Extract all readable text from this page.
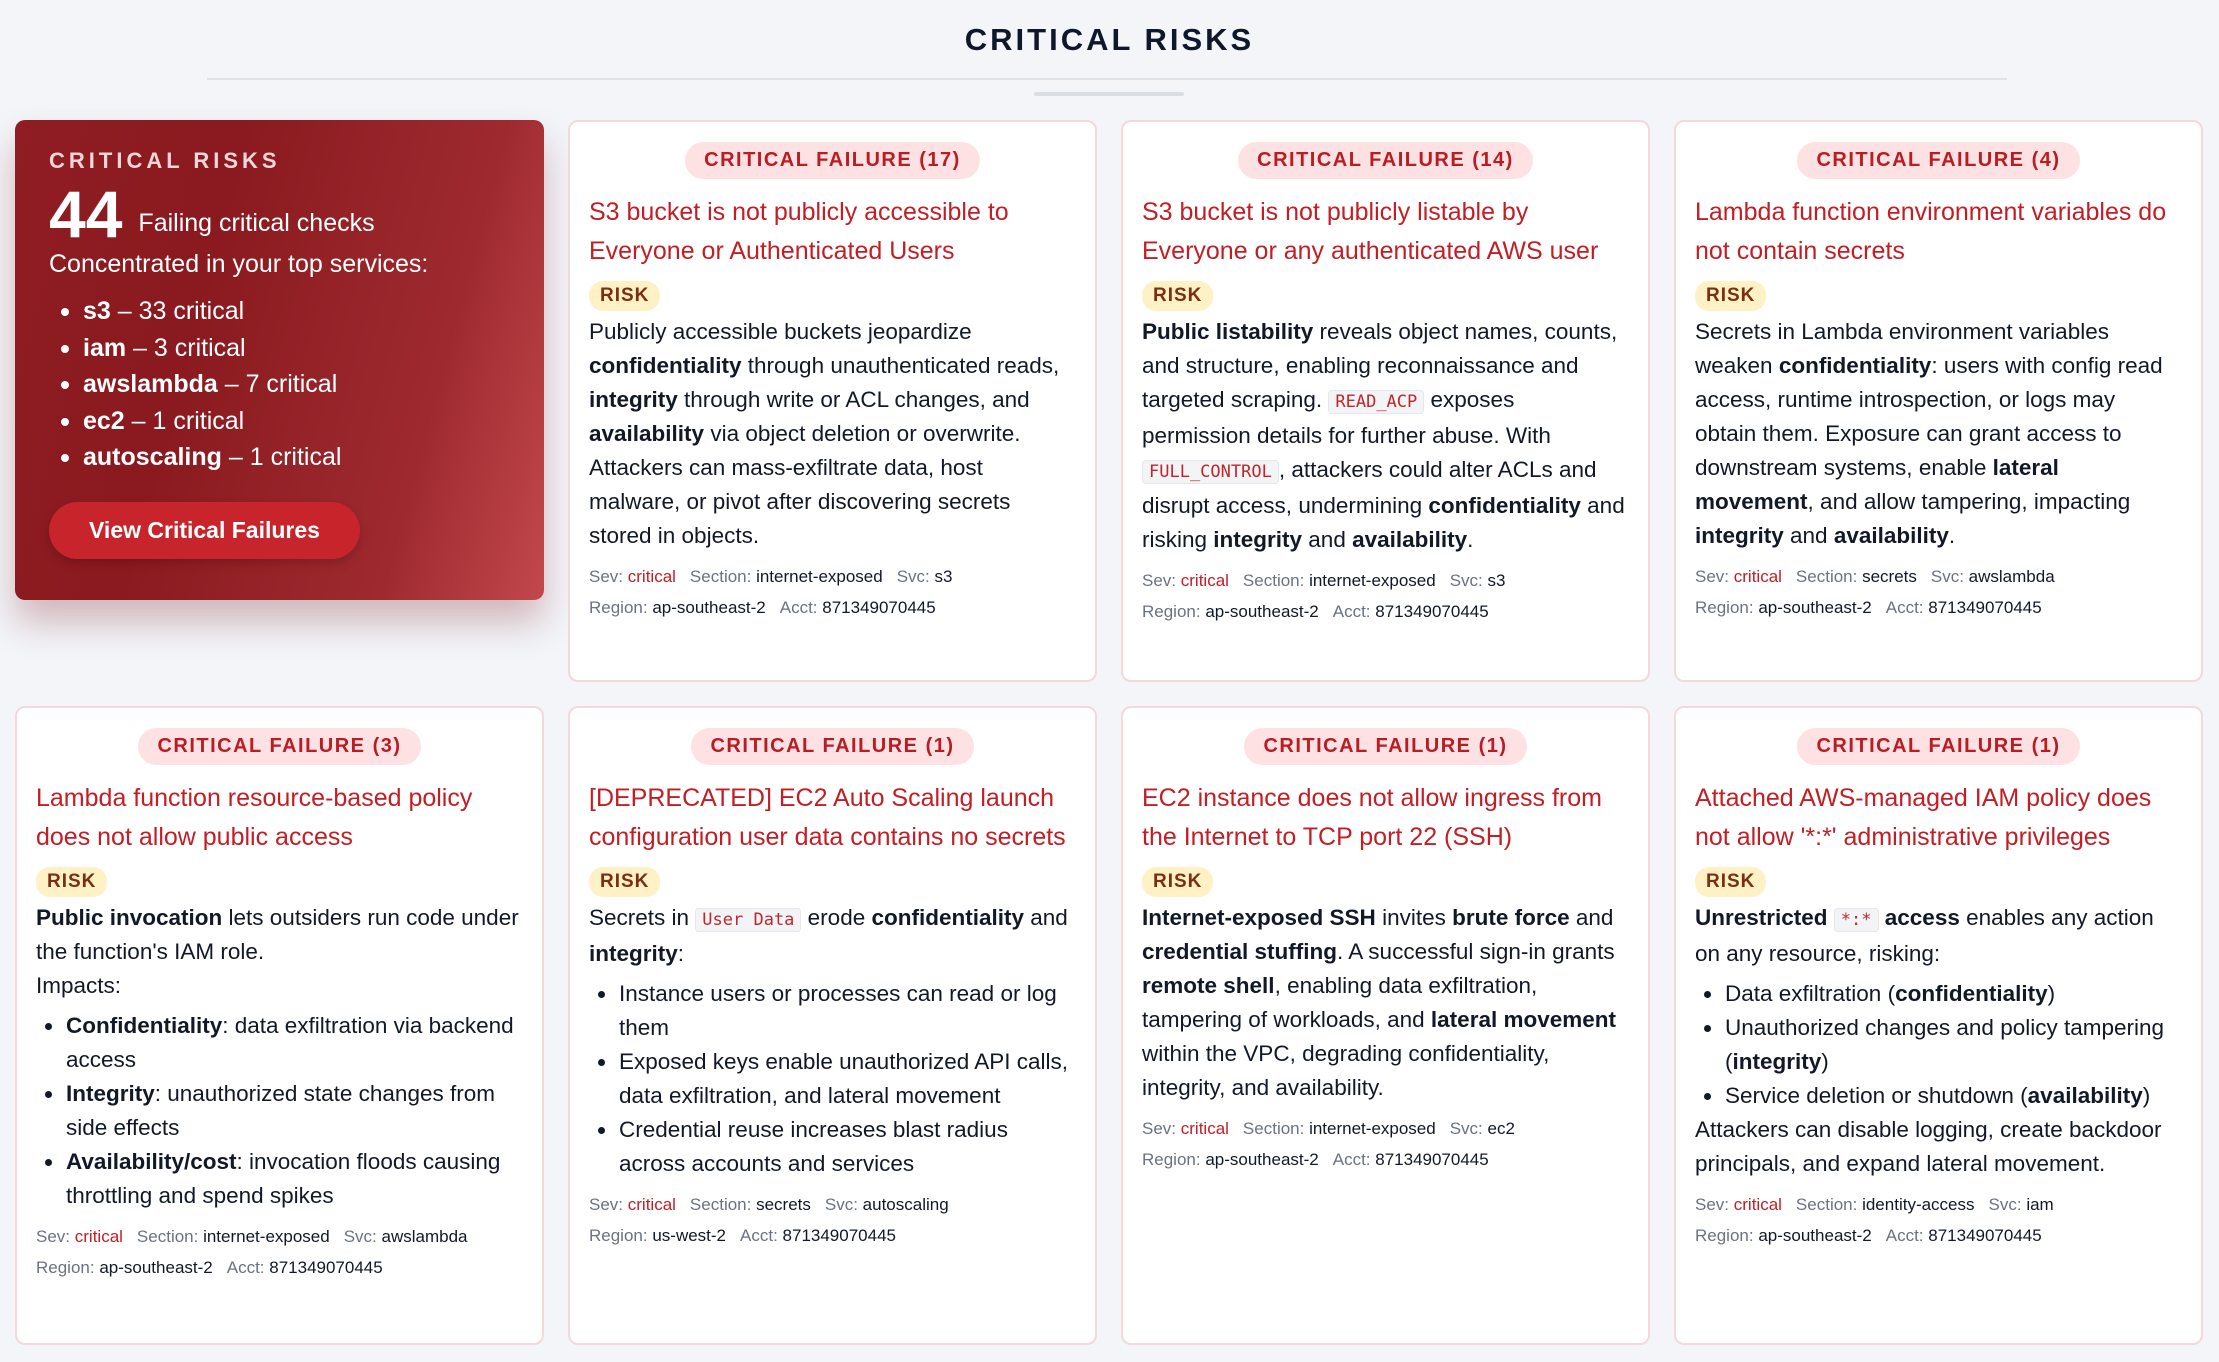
CRITICAL RISKS
CRITICAL RISKS
44 Failing critical checks
Concentrated in your top services:
s3 – 33 critical
iam – 3 critical
awslambda – 7 critical
ec2 – 1 critical
autoscaling – 1 critical
View Critical Failures
CRITICAL FAILURE (17)
S3 bucket is not publicly accessible to Everyone or Authenticated Users
RISK

Publicly accessible buckets jeopardize confidentiality through unauthenticated reads, integrity through write or ACL changes, and availability via object deletion or overwrite. Attackers can mass-exfiltrate data, host malware, or pivot after discovering secrets stored in objects.

Sev: critical Section: internet-exposed Svc: s3
Region: ap-southeast-2 Acct: 871349070445
CRITICAL FAILURE (14)
S3 bucket is not publicly listable by Everyone or any authenticated AWS user
RISK

Public listability reveals object names, counts, and structure, enabling reconnaissance and targeted scraping. READ_ACP exposes permission details for further abuse. With FULL_CONTROL , attackers could alter ACLs and disrupt access, undermining confidentiality and risking integrity and availability.

Sev: critical Section: internet-exposed Svc: s3
Region: ap-southeast-2 Acct: 871349070445
CRITICAL FAILURE (4)
Lambda function environment variables do not contain secrets
RISK

Secrets in Lambda environment variables weaken confidentiality: users with config read access, runtime introspection, or logs may obtain them. Exposure can grant access to downstream systems, enable lateral movement, and allow tampering, impacting integrity and availability.

Sev: critical Section: secrets Svc: awslambda
Region: ap-southeast-2 Acct: 871349070445
CRITICAL FAILURE (3)
Lambda function resource-based policy does not allow public access
RISK

Public invocation lets outsiders run code under the function's IAM role.

Impacts:

Confidentiality: data exfiltration via backend access
Integrity: unauthorized state changes from side effects
Availability/cost: invocation floods causing throttling and spend spikes
Sev: critical Section: internet-exposed Svc: awslambda
Region: ap-southeast-2 Acct: 871349070445
CRITICAL FAILURE (1)
[DEPRECATED] EC2 Auto Scaling launch configuration user data contains no secrets
RISK

Secrets in User Data erode confidentiality and integrity:

Instance users or processes can read or log them
Exposed keys enable unauthorized API calls, data exfiltration, and lateral movement
Credential reuse increases blast radius across accounts and services
Sev: critical Section: secrets Svc: autoscaling
Region: us-west-2 Acct: 871349070445
CRITICAL FAILURE (1)
EC2 instance does not allow ingress from the Internet to TCP port 22 (SSH)
RISK

Internet-exposed SSH invites brute force and credential stuffing. A successful sign-in grants remote shell, enabling data exfiltration, tampering of workloads, and lateral movement within the VPC, degrading confidentiality, integrity, and availability.

Sev: critical Section: internet-exposed Svc: ec2
Region: ap-southeast-2 Acct: 871349070445
CRITICAL FAILURE (1)
Attached AWS-managed IAM policy does not allow '*:*' administrative privileges
RISK

Unrestricted *:* access enables any action on any resource, risking:

Data exfiltration (confidentiality)
Unauthorized changes and policy tampering (integrity)
Service deletion or shutdown (availability)

Attackers can disable logging, create backdoor principals, and expand lateral movement.

Sev: critical Section: identity-access Svc: iam
Region: ap-southeast-2 Acct: 871349070445
